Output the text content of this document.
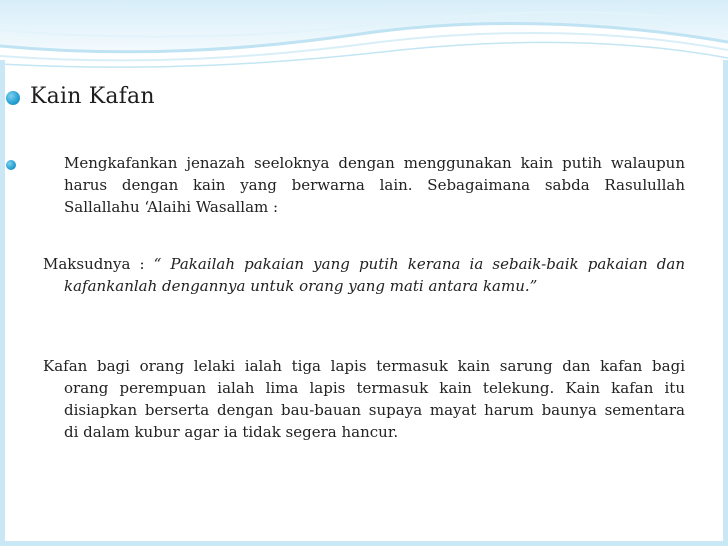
Kain Kafan
Mengkafankan jenazah seeloknya dengan menggunakan kain putih walaupun
harus dengan kain yang berwarna lain. Sebagaimana sabda Rasulullah
Sallallahu ‘Alaihi Wasallam :
Maksudnya : “ Pakailah pakaian yang putih kerana ia sebaik-baik pakaian dan
kafankanlah dengannya untuk orang yang mati antara kamu.”
Kafan bagi orang lelaki ialah tiga lapis termasuk kain sarung dan kafan bagi
orang perempuan ialah lima lapis termasuk kain telekung. Kain kafan itu
disiapkan berserta dengan bau-bauan supaya mayat harum baunya sementara
di dalam kubur agar ia tidak segera hancur.
